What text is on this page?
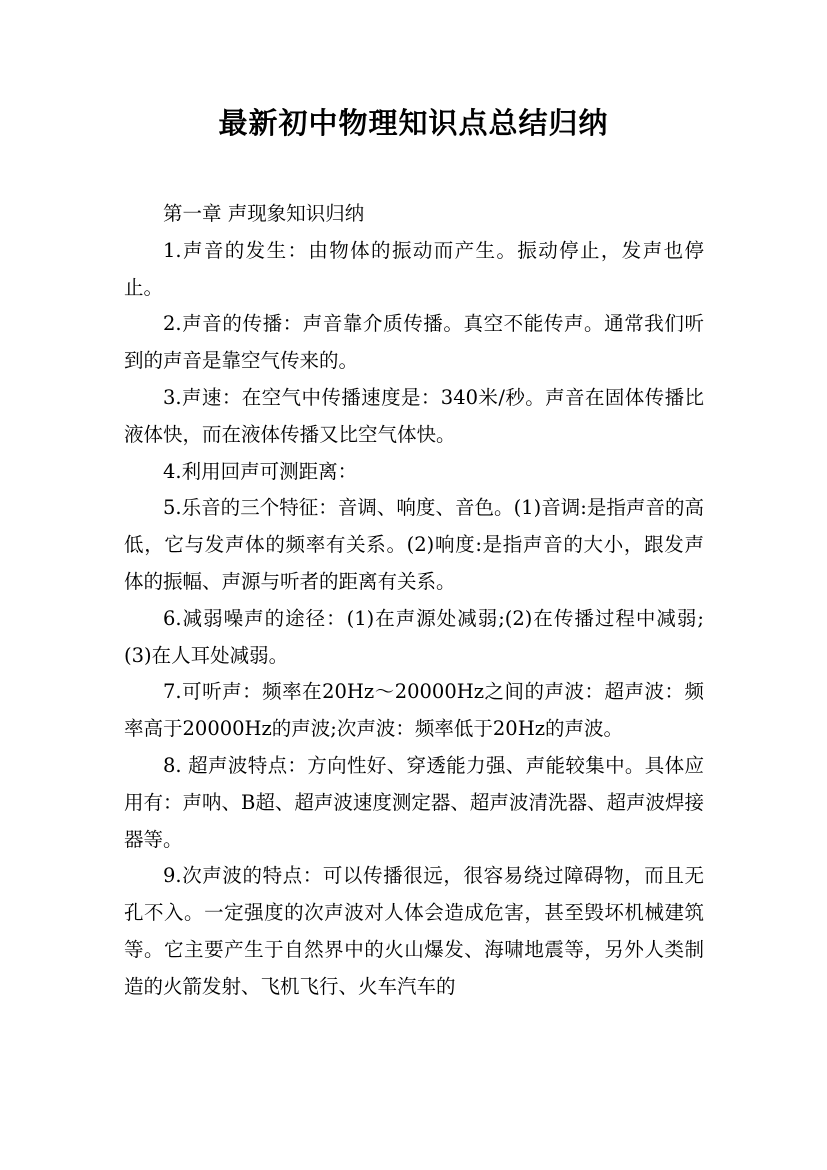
最新初中物理知识点总结归纳

第一章 声现象知识归纳

1.声音的发生：由物体的振动而产生。振动停止，发声也停止。

2.声音的传播：声音靠介质传播。真空不能传声。通常我们听到的声音是靠空气传来的。

3.声速：在空气中传播速度是：340米/秒。声音在固体传播比液体快，而在液体传播又比空气体快。

4.利用回声可测距离：

5.乐音的三个特征：音调、响度、音色。(1)音调:是指声音的高低，它与发声体的频率有关系。(2)响度:是指声音的大小，跟发声体的振幅、声源与听者的距离有关系。

6.减弱噪声的途径：(1)在声源处减弱;(2)在传播过程中减弱;(3)在人耳处减弱。

7.可听声：频率在20Hz～20000Hz之间的声波：超声波：频率高于20000Hz的声波;次声波：频率低于20Hz的声波。

8. 超声波特点：方向性好、穿透能力强、声能较集中。具体应用有：声呐、B超、超声波速度测定器、超声波清洗器、超声波焊接器等。

9.次声波的特点：可以传播很远，很容易绕过障碍物，而且无孔不入。一定强度的次声波对人体会造成危害，甚至毁坏机械建筑等。它主要产生于自然界中的火山爆发、海啸地震等，另外人类制造的火箭发射、飞机飞行、火车汽车的
